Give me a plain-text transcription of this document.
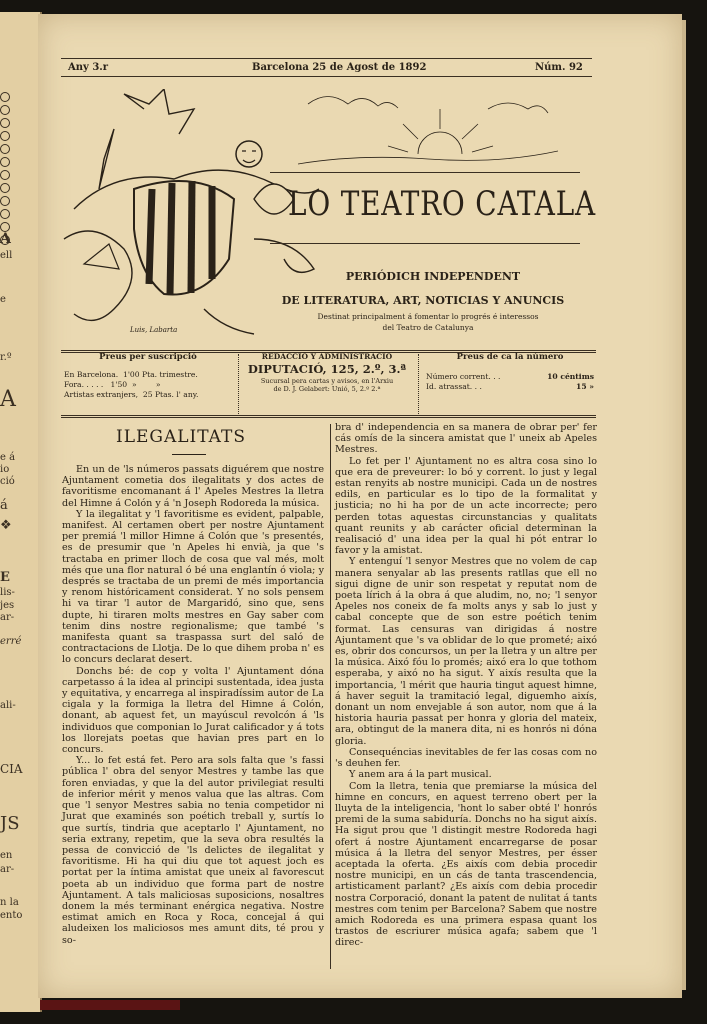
A
ell
e
r.º
A
e á
io
ció
á
❖
E
lis-
jes
ar-
erré
ali-
CIA
JS
en
ar-
n la
ento
Any 3.r	Barcelona 25 de Agost de 1892	Núm. 92
Luis, Labarta
LO TEATRO CATALA
PERIÓDICH INDEPENDENT
DE LITERATURA, ART, NOTICIAS Y ANUNCIS
Destinat principalment á fomentar lo progrés é interessos
del Teatro de Catalunya
Preus per suscripció
En Barcelona.  1'00 Pta. trimestre.
Fora. . . . .   1'50  »        »
Artistas extranjers,  25 Ptas. l' any.
REDACCIÓ Y ADMINISTRACIO
DIPUTACIÓ, 125, 2.º, 3.ª
Sucursal pera cartas y avisos, en l'Arxiu
de D. J. Gelabert: Unió, 5, 2.º 2.ª
Preus de ca la número
Número corrent. . .	10 céntims
Id. atrassat. . .	15 »
ILEGALITATS

En un de 'ls números passats diguérem que nostre Ajuntament cometia dos ilegalitats y dos actes de favoritisme encomanant á l' Apeles Mestres la lletra del Himne á Colón y á 'n Joseph Rodoreda la música.

Y la ilegalitat y 'l favoritisme es evident, palpable, manifest. Al certamen obert per nostre Ajuntament per premiá 'l millor Himne á Colón que 's presentés, es de presumir que 'n Apeles hi envià, ja que 's tractaba en primer lloch de cosa que val més, molt més que una flor natural ó bé una englantín ó viola; y després se tractaba de un premi de més importancia y renom históricament considerat. Y no sols pensem hi va tirar 'l autor de Margaridó, sino que, sens dupte, hi tiraren molts mestres en Gay saber com tenim dins nostre regionalisme; que també 's manifesta quant sa traspassa surt del saló de contractacions de Llotja. De lo que dihem proba n' es lo concurs declarat desert.

Donchs bé: de cop y volta l' Ajuntament dóna carpetasso á la idea al principi sustentada, idea justa y equitativa, y encarrega al inspiradíssim autor de La cigala y la formiga la lletra del Himne á Colón, donant, ab aquest fet, un mayúscul revolcón á 'ls individuos que componian lo Jurat calificador y á tots los llorejats poetas que havian pres part en lo concurs.

Y... lo fet está fet. Pero ara sols falta que 's fassi pública l' obra del senyor Mestres y tambe las que foren enviadas, y que la del autor privilegiat resulti de inferior mérit y menos valua que las altras. Com que 'l senyor Mestres sabia no tenia competidor ni Jurat que examinés son poétich treball y, surtís lo que surtís, tindria que aceptarlo l' Ajuntament, no seria extrany, repetim, que la seva obra resultés la pessa de convicció de 'ls delictes de ilegalitat y favoritisme. Hi ha qui diu que tot aquest joch es portat per la íntima amistat que uneix al favorescut poeta ab un individuo que forma part de nostre Ajuntament. A tals maliciosas suposicions, nosaltres donem la més terminant enérgica negativa. Nostre estimat amich en Roca y Roca, concejal á qui aludeixen los maliciosos mes amunt dits, té prou y so-

bra d' independencia en sa manera de obrar per' fer cás omís de la sincera amistat que l' uneix ab Apeles Mestres.

Lo fet per l' Ajuntament no es altra cosa sino lo que era de preveurer: lo bó y corrent. lo just y legal estan renyits ab nostre municipi. Cada un de nostres edils, en particular es lo tipo de la formalitat y justicia; no hi ha por de un acte incorrecte; pero perden totas aquestas circunstancias y qualitats quant reunits y ab carácter oficial determinan la realisació d' una idea per la qual hi pót entrar lo favor y la amistat.

Y entenguí 'l senyor Mestres que no volem de cap manera senyalar ab las presents ratllas que ell no sigui digne de unir son respetat y reputat nom de poeta lírich á la obra á que aludim, no, no; 'l senyor Apeles nos coneix de fa molts anys y sab lo just y cabal concepte que de son estre poétich tenim format. Las censuras van dirigidas á nostre Ajuntament que 's va oblidar de lo que prometé; aixó es, obrir dos concursos, un per la lletra y un altre per la música. Aixó fóu lo promés; aixó era lo que tothom esperaba, y aixó no ha sigut. Y aixís resulta que la importancia, 'l mérit que hauria tingut aquest himne, á haver seguit la tramitació legal, diguemho aixís, donant un nom envejable á son autor, nom que á la historia hauria passat per honra y gloria del mateix, ara, obtingut de la manera dita, ni es honrós ni dóna gloria.

Consequéncias inevitables de fer las cosas com no 's deuhen fer.

Y anem ara á la part musical.

Com la lletra, tenia que premiarse la música del himne en concurs, en aquest terreno obert per la lluyta de la inteligencia, 'hont lo saber obté l' honrós premi de la suma sabiduría. Donchs no ha sigut aixís. Ha sigut prou que 'l distingit mestre Rodoreda hagi ofert á nostre Ajuntament encarregarse de posar música á la lletra del senyor Mestres, per ésser aceptada la oferta. ¿Es aixís com debia procedir nostre municipi, en un cás de tanta trascendencia, artisticament parlant? ¿Es aixís com debia procedir nostra Corporació, donant la patent de nulitat á tants mestres com tenim per Barcelona? Sabem que nostre amich Rodoreda es una primera espasa quant los trastos de escriurer música agafa; sabem que 'l direc-
